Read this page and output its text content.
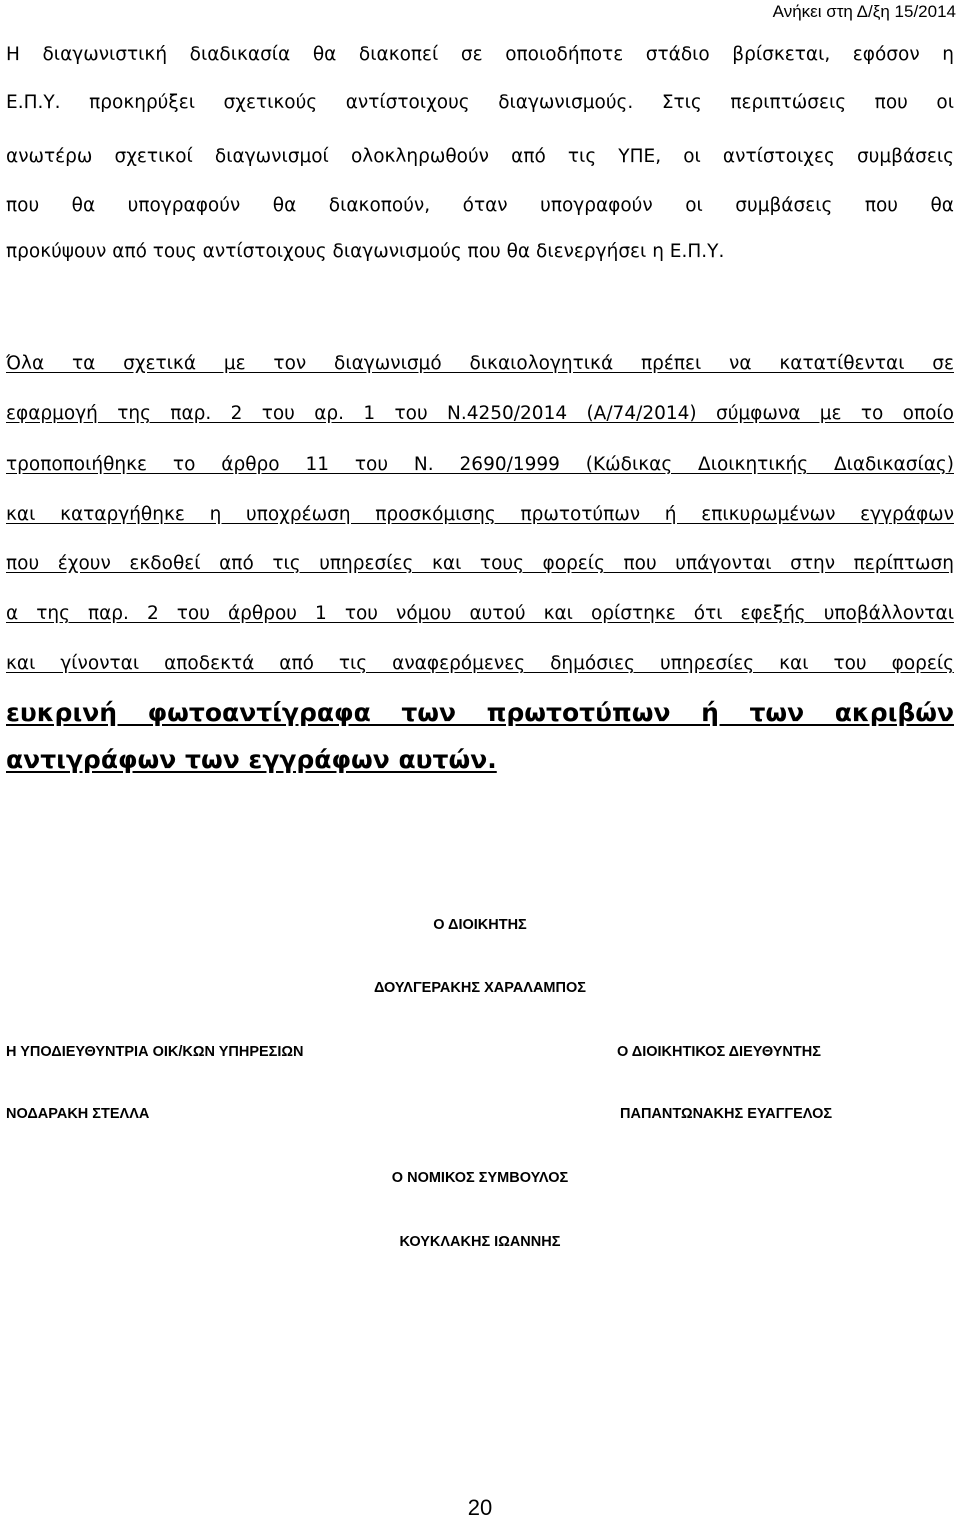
Ανήκει στη Δ/ξη 15/2014
Η διαγωνιστική διαδικασία θα διακοπεί σε οποιοδήποτε στάδιο βρίσκεται, εφόσον η
Ε.Π.Υ. προκηρύξει σχετικούς αντίστοιχους διαγωνισμούς. Στις περιπτώσεις που οι
ανωτέρω σχετικοί διαγωνισμοί ολοκληρωθούν από τις ΥΠΕ, οι αντίστοιχες συμβάσεις
που θα υπογραφούν θα διακοπούν, όταν υπογραφούν οι συμβάσεις που θα
προκύψουν από τους αντίστοιχους διαγωνισμούς που θα διενεργήσει η Ε.Π.Υ.
Όλα τα σχετικά με τον διαγωνισμό δικαιολογητικά πρέπει να κατατίθενται σε
εφαρμογή της παρ. 2 του αρ. 1 του Ν.4250/2014 (Α/74/2014) σύμφωνα με το οποίο
τροποποιήθηκε το άρθρο 11 του Ν. 2690/1999 (Κώδικας Διοικητικής Διαδικασίας)
και καταργήθηκε η υποχρέωση προσκόμισης πρωτοτύπων ή επικυρωμένων εγγράφων
που έχουν εκδοθεί από τις υπηρεσίες και τους φορείς που υπάγονται στην περίπτωση
α της παρ. 2 του άρθρου 1 του νόμου αυτού και ορίστηκε ότι εφεξής υποβάλλονται
και γίνονται αποδεκτά από τις αναφερόμενες δημόσιες υπηρεσίες και του φορείς
ευκρινή φωτοαντίγραφα των πρωτοτύπων ή των ακριβών
αντιγράφων των εγγράφων αυτών.
Ο ΔΙΟΙΚΗΤΗΣ
ΔΟΥΛΓΕΡΑΚΗΣ ΧΑΡΑΛΑΜΠΟΣ
Η ΥΠΟΔΙΕΥΘΥΝΤΡΙΑ ΟΙΚ/ΚΩΝ ΥΠΗΡΕΣΙΩΝ	Ο ΔΙΟΙΚΗΤΙΚΟΣ ΔΙΕΥΘΥΝΤΗΣ
ΝΟΔΑΡΑΚΗ ΣΤΕΛΛΑ	ΠΑΠΑΝΤΩΝΑΚΗΣ ΕΥΑΓΓΕΛΟΣ
Ο ΝΟΜΙΚΟΣ ΣΥΜΒΟΥΛΟΣ
ΚΟΥΚΛΑΚΗΣ ΙΩΑΝΝΗΣ
20
